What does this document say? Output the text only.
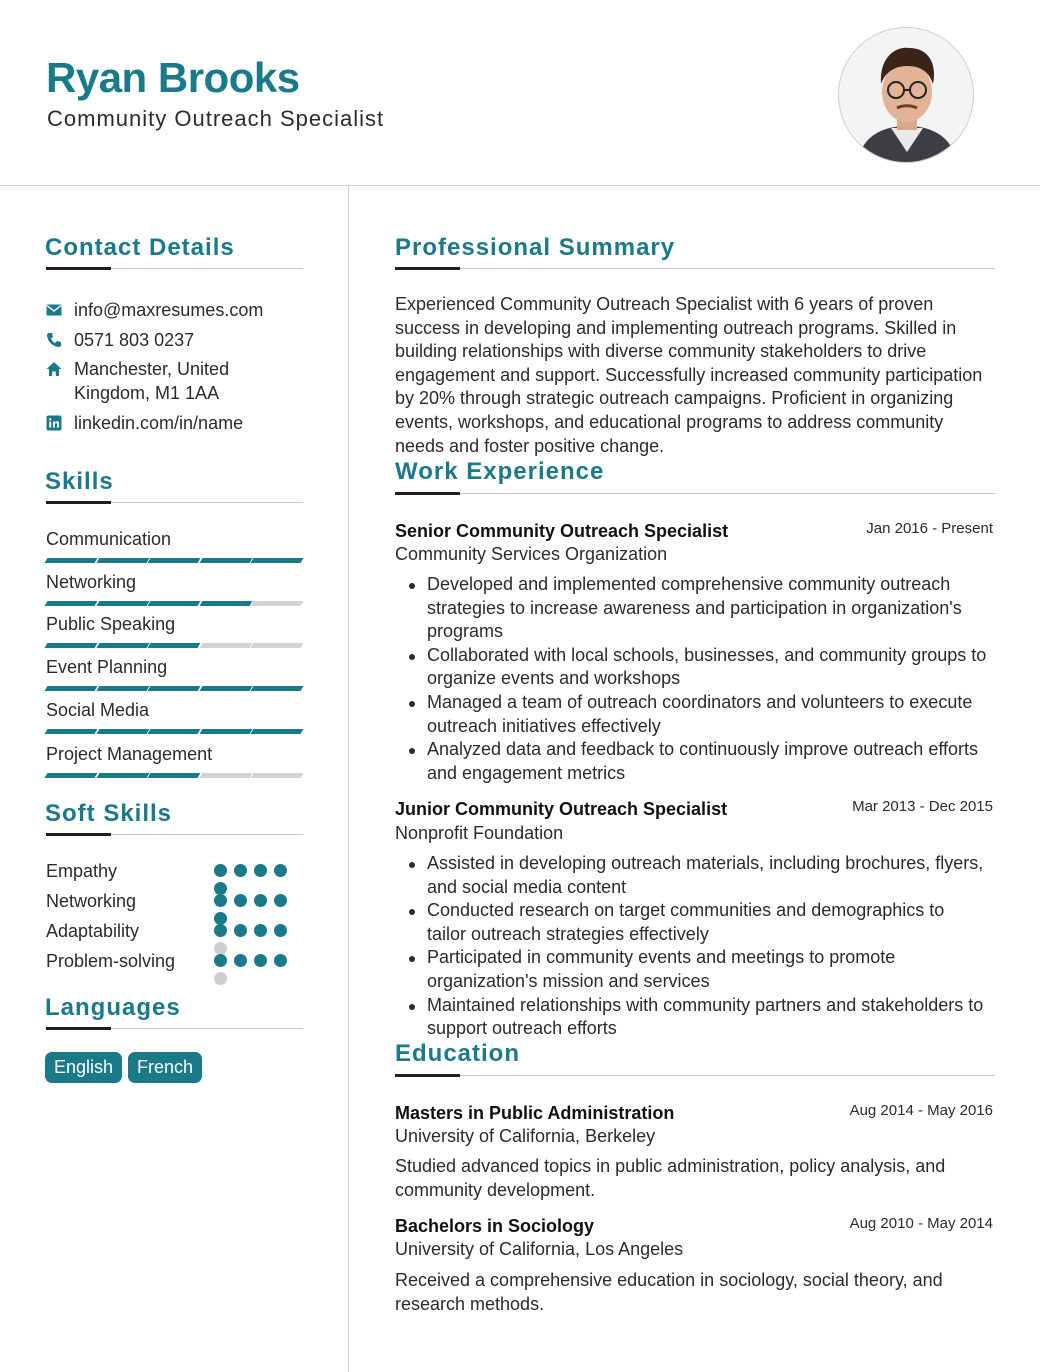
Ryan Brooks
Community Outreach Specialist
Contact Details
info@maxresumes.com
0571 803 0237
Manchester, United
Kingdom, M1 1AA
linkedin.com/in/name
Skills
Communication
Networking
Public Speaking
Event Planning
Social Media
Project Management
Soft Skills
Empathy
Networking
Adaptability
Problem-solving
Languages
English	French
Professional Summary
Experienced Community Outreach Specialist with 6 years of proven
success in developing and implementing outreach programs. Skilled in
building relationships with diverse community stakeholders to drive
engagement and support. Successfully increased community participation
by 20% through strategic outreach campaigns. Proficient in organizing
events, workshops, and educational programs to address community
needs and foster positive change.
Work Experience
Senior Community Outreach Specialist	Jan 2016 - Present
Community Services Organization
Developed and implemented comprehensive community outreach
strategies to increase awareness and participation in organization's
programs
Collaborated with local schools, businesses, and community groups to
organize events and workshops
Managed a team of outreach coordinators and volunteers to execute
outreach initiatives effectively
Analyzed data and feedback to continuously improve outreach efforts
and engagement metrics
Junior Community Outreach Specialist	Mar 2013 - Dec 2015
Nonprofit Foundation
Assisted in developing outreach materials, including brochures, flyers,
and social media content
Conducted research on target communities and demographics to
tailor outreach strategies effectively
Participated in community events and meetings to promote
organization's mission and services
Maintained relationships with community partners and stakeholders to
support outreach efforts
Education
Masters in Public Administration	Aug 2014 - May 2016
University of California, Berkeley
Studied advanced topics in public administration, policy analysis, and
community development.
Bachelors in Sociology	Aug 2010 - May 2014
University of California, Los Angeles
Received a comprehensive education in sociology, social theory, and
research methods.
